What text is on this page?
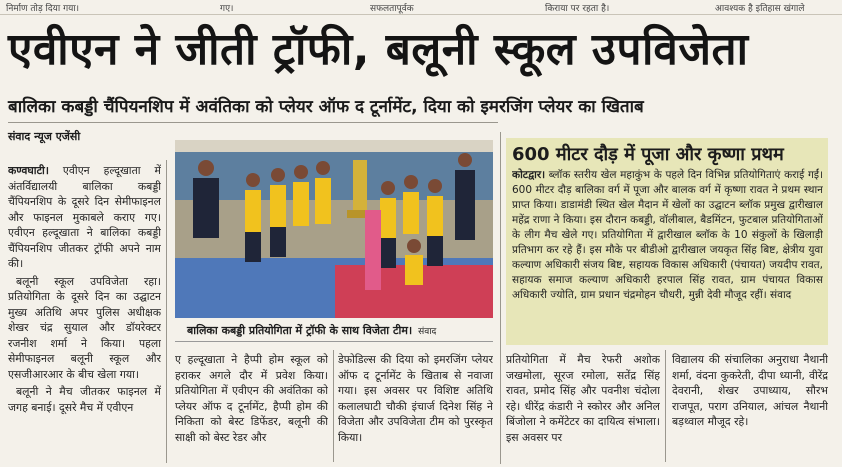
निर्माण तोड़ दिया गया।	गए।	सफलतापूर्वक	किराया पर रहता है।	आवश्यक है इतिहास खंगाले
एवीएन ने जीती ट्रॉफी, बलूनी स्कूल उपविजेता
बालिका कबड्डी चैंपियनशिप में अवंतिका को प्लेयर ऑफ द टूर्नामेंट, दिया को इमरजिंग प्लेयर का खिताब
संवाद न्यूज एजेंसी

कण्वघाटी। एवीएन हल्दूखाता में अंतर्विद्यालयी बालिका कबड्डी चैंपियनशिप के दूसरे दिन सेमीफाइनल और फाइनल मुकाबले कराए गए। एवीएन हल्दूखाता ने बालिका कबड्डी चैंपियनशिप जीतकर ट्रॉफी अपने नाम की।

बलूनी स्कूल उपविजेता रहा। प्रतियोगिता के दूसरे दिन का उद्घाटन मुख्य अतिथि अपर पुलिस अधीक्षक शेखर चंद्र सुयाल और डॉयरेक्टर रजनीश शर्मा ने किया। पहला सेमीफाइनल बलूनी स्कूल और एसजीआरआर के बीच खेला गया।

बलूनी ने मैच जीतकर फाइनल में जगह बनाई। दूसरे मैच में एवीएन

बालिका कबड्डी प्रतियोगिता में ट्रॉफी के साथ विजेता टीम। संवाद
ए हल्दूखाता ने हैप्पी होम स्कूल को हराकर अगले दौर में प्रवेश किया। प्रतियोगिता में एवीएन की अवंतिका को प्लेयर ऑफ द टूर्नामेंट, हैप्पी होम की निकिता को बेस्ट डिफेंडर, बलूनी की साक्षी को बेस्ट रेडर और
डेफोडिल्स की दिया को इमरजिंग प्लेयर ऑफ द टूर्नामेंट के खिताब से नवाजा गया। इस अवसर पर विशिष्ट अतिथि कलालघाटी चौकी इंचार्ज दिनेश सिंह ने विजेता और उपविजेता टीम को पुरस्कृत किया।
600 मीटर दौड़ में पूजा और कृष्णा प्रथम
कोटद्वार। ब्लॉक स्तरीय खेल महाकुंभ के पहले दिन विभिन्न प्रतियोगिताएं कराई गईं। 600 मीटर दौड़ बालिका वर्ग में पूजा और बालक वर्ग में कृष्णा रावत ने प्रथम स्थान प्राप्त किया। डाडामंडी स्थित खेल मैदान में खेलों का उद्घाटन ब्लॉक प्रमुख द्वारीखाल महेंद्र राणा ने किया। इस दौरान कबड्डी, वॉलीबाल, बैडमिंटन, फुटबाल प्रतियोगिताओं के लीग मैच खेले गए। प्रतियोगिता में द्वारीखाल ब्लॉक के 10 संकुलों के खिलाड़ी प्रतिभाग कर रहे हैं। इस मौके पर बीडीओ द्वारीखाल जयकृत सिंह बिष्ट, क्षेत्रीय युवा कल्याण अधिकारी संजय बिष्ट, सहायक विकास अधिकारी (पंचायत) जयदीप रावत, सहायक समाज कल्याण अधिकारी हरपाल सिंह रावत, ग्राम पंचायत विकास अधिकारी ज्योति, ग्राम प्रधान चंद्रमोहन चौधरी, मुन्नी देवी मौजूद रहीं। संवाद
प्रतियोगिता में मैच रेफरी अशोक जखमोला, सूरज रमोला, सतेंद्र सिंह रावत, प्रमोद सिंह और पवनीश चंदोला रहे। धीरेंद्र कंडारी ने स्कोरर और अनिल बिंजोला ने कमेंटेटर का दायित्व संभाला। इस अवसर पर
विद्यालय की संचालिका अनुराधा नैथानी शर्मा, वंदना कुकरेती, दीपा ध्यानी, वीरेंद्र देवरानी, शेखर उपाध्याय, सौरभ राजपूत, पराग उनियाल, आंचल नैथानी बड़थ्वाल मौजूद रहे।
